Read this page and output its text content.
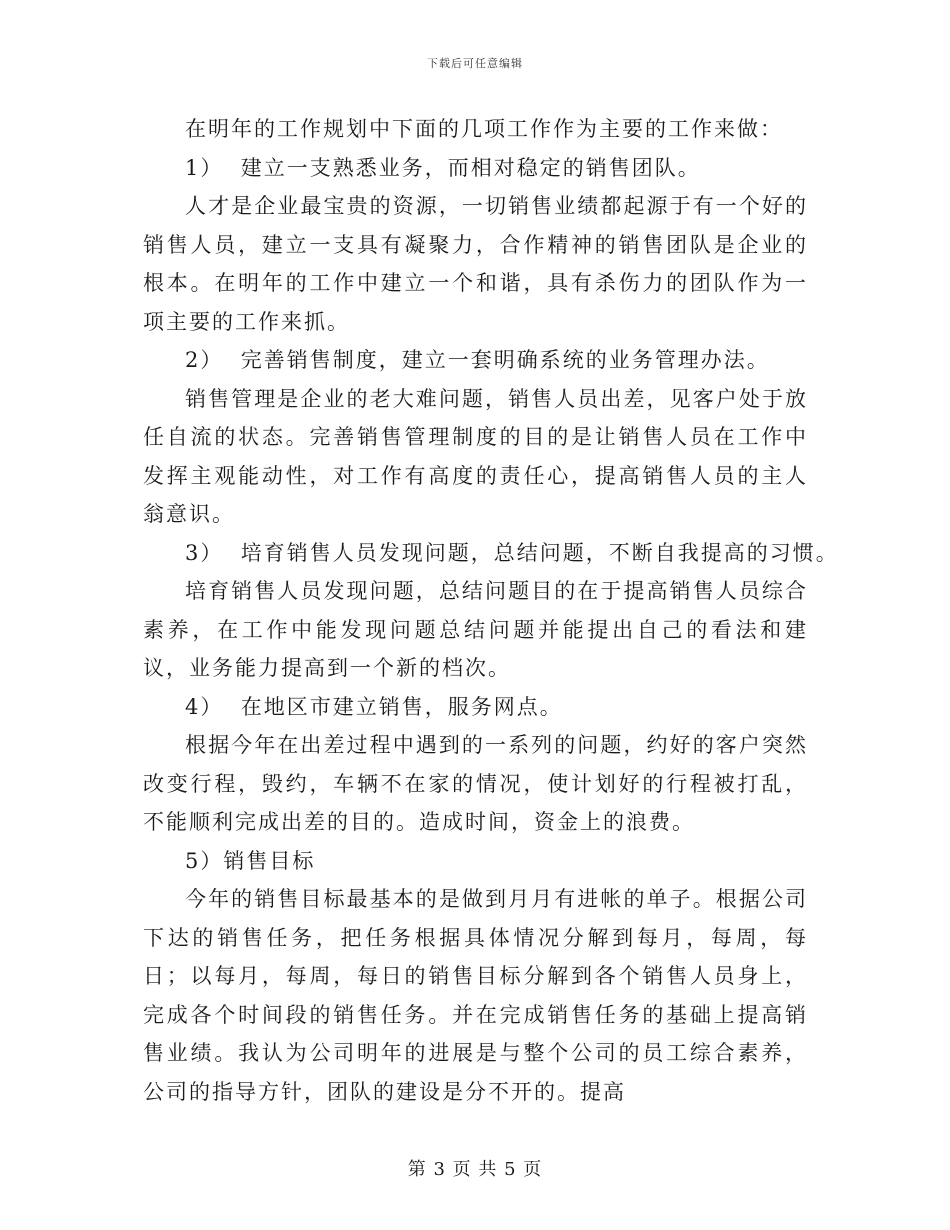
下载后可任意编辑

在明年的工作规划中下面的几项工作作为主要的工作来做：

1）  建立一支熟悉业务，而相对稳定的销售团队。

人才是企业最宝贵的资源，一切销售业绩都起源于有一个好的销售人员，建立一支具有凝聚力，合作精神的销售团队是企业的根本。在明年的工作中建立一个和谐，具有杀伤力的团队作为一项主要的工作来抓。

2）  完善销售制度，建立一套明确系统的业务管理办法。

销售管理是企业的老大难问题，销售人员出差，见客户处于放任自流的状态。完善销售管理制度的目的是让销售人员在工作中发挥主观能动性，对工作有高度的责任心，提高销售人员的主人翁意识。

3）  培育销售人员发现问题，总结问题，不断自我提高的习惯。

培育销售人员发现问题，总结问题目的在于提高销售人员综合素养，在工作中能发现问题总结问题并能提出自己的看法和建议，业务能力提高到一个新的档次。

4）  在地区市建立销售，服务网点。

根据今年在出差过程中遇到的一系列的问题，约好的客户突然改变行程，毁约，车辆不在家的情况，使计划好的行程被打乱，不能顺利完成出差的目的。造成时间，资金上的浪费。

5）销售目标

今年的销售目标最基本的是做到月月有进帐的单子。根据公司下达的销售任务，把任务根据具体情况分解到每月，每周，每日；以每月，每周，每日的销售目标分解到各个销售人员身上，完成各个时间段的销售任务。并在完成销售任务的基础上提高销售业绩。我认为公司明年的进展是与整个公司的员工综合素养，公司的指导方针，团队的建设是分不开的。提高

第 3 页 共 5 页
